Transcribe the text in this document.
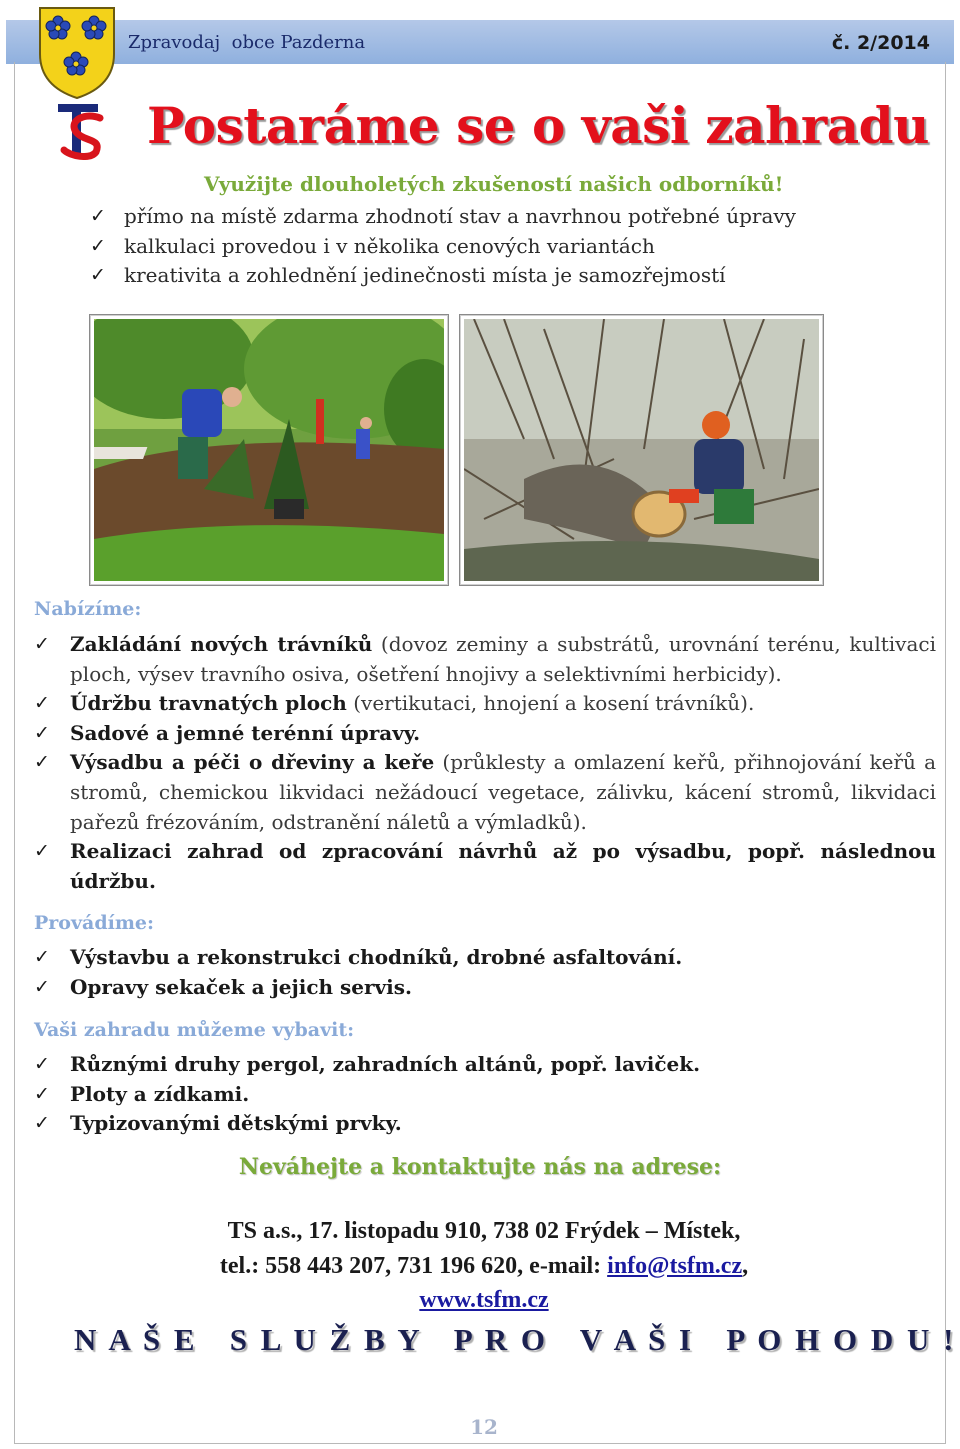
Zpravodaj  obce Pazderna	č. 2/2014
Postaráme se o vaši zahradu
Využijte dlouholetých zkušeností našich odborníků!
✓ přímo na místě zdarma zhodnotí stav a navrhnou potřebné úpravy
✓ kalkulaci provedou i v několika cenových variantách
✓ kreativita a zohlednění jedinečnosti místa je samozřejmostí
Nabízíme:
✓ Zakládání nových trávníků (dovoz zeminy a substrátů, urovnání terénu, kultivaci ploch, výsev travního osiva, ošetření hnojivy a selektivními herbicidy).
✓ Údržbu travnatých ploch (vertikutaci, hnojení a kosení trávníků).
✓ Sadové a jemné terénní úpravy.
✓ Výsadbu a péči o dřeviny a keře (průklesty a omlazení keřů, přihnojování keřů a stromů, chemickou likvidaci nežádoucí vegetace, zálivku, kácení stromů, likvidaci pařezů frézováním, odstranění náletů a výmladků).
✓ Realizaci zahrad od zpracování návrhů až po výsadbu, popř. následnou údržbu.
Provádíme:
✓ Výstavbu a rekonstrukci chodníků, drobné asfaltování.
✓ Opravy sekaček a jejich servis.
Vaši zahradu můžeme vybavit:
✓ Různými druhy pergol, zahradních altánů, popř. laviček.
✓ Ploty a zídkami.
✓ Typizovanými dětskými prvky.
Neváhejte a kontaktujte nás na adrese:
TS a.s., 17. listopadu 910, 738 02 Frýdek – Místek,
tel.: 558 443 207, 731 196 620, e-mail: info@tsfm.cz,
www.tsfm.cz
N A Š E   S L U Ž B Y   P R O   V A Š I   P O H O D U !
12
